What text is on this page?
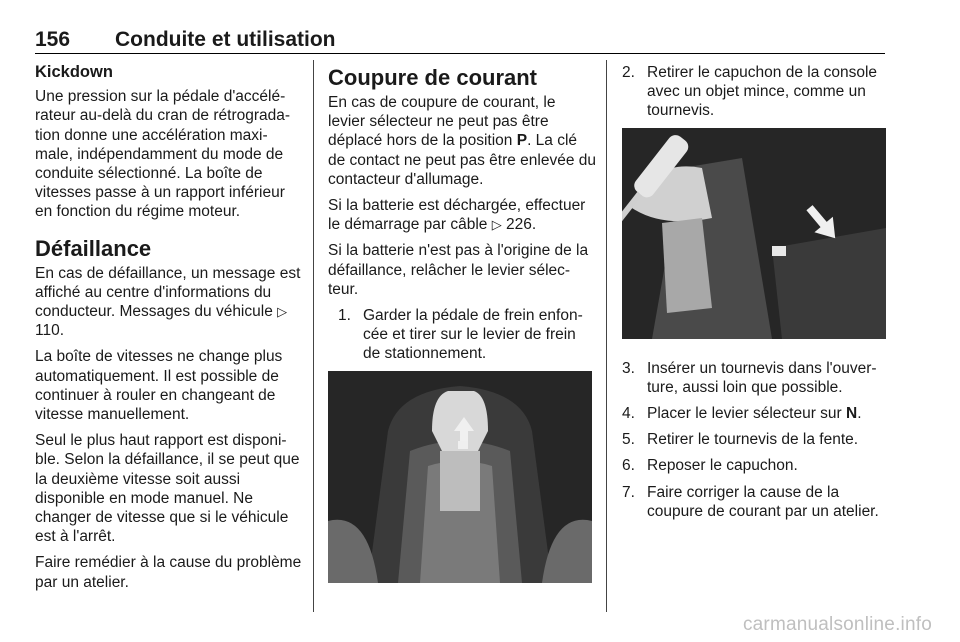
156 Conduite et utilisation
Kickdown

Une pression sur la pédale d'accélé-rateur au-delà du cran de rétrograda-tion donne une accélération maxi-male, indépendamment du mode de conduite sélectionné. La boîte de vitesses passe à un rapport inférieur en fonction du régime moteur.

Défaillance

En cas de défaillance, un message est affiché au centre d'informations du conducteur. Messages du véhicule ▷ 110.

La boîte de vitesses ne change plus automatiquement. Il est possible de continuer à rouler en changeant de vitesse manuellement.

Seul le plus haut rapport est disponi-ble. Selon la défaillance, il se peut que la deuxième vitesse soit aussi disponible en mode manuel. Ne changer de vitesse que si le véhicule est à l'arrêt.

Faire remédier à la cause du problème par un atelier.

Coupure de courant

En cas de coupure de courant, le levier sélecteur ne peut pas être déplacé hors de la position P. La clé de contact ne peut pas être enlevée du contacteur d'allumage.

Si la batterie est déchargée, effectuer le démarrage par câble ▷ 226.

Si la batterie n'est pas à l'origine de la défaillance, relâcher le levier sélec-teur.

1. Garder la pédale de frein enfon-cée et tirer sur le levier de frein de stationnement.
2. Retirer le capuchon de la console avec un objet mince, comme un tournevis.
3. Insérer un tournevis dans l'ouver-ture, aussi loin que possible.
4. Placer le levier sélecteur sur N.
5. Retirer le tournevis de la fente.
6. Reposer le capuchon.
7. Faire corriger la cause de la coupure de courant par un atelier.
carmanualsonline.info
